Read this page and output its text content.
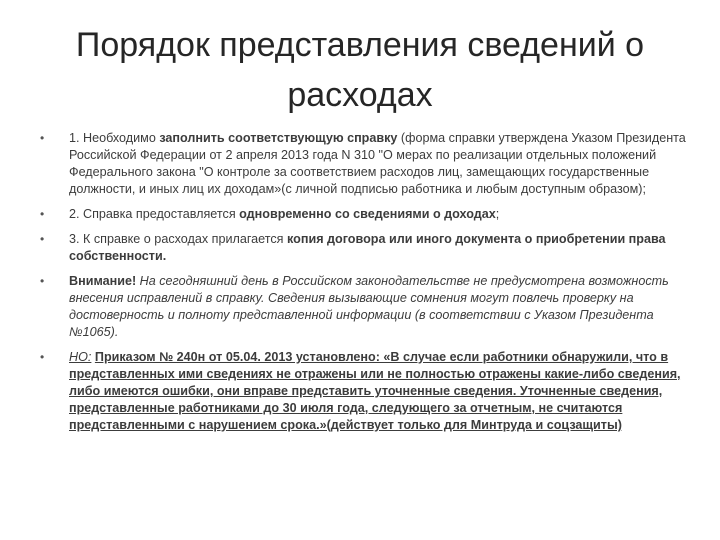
Порядок представления сведений о расходах
• 1. Необходимо заполнить соответствующую справку (форма справки утверждена Указом Президента Российской Федерации от 2 апреля 2013 года N 310 "О мерах по реализации отдельных положений Федерального закона "О контроле за соответствием расходов лиц, замещающих государственные должности, и иных лиц их доходам»(с личной подписью работника и любым доступным образом);
• 2. Справка предоставляется одновременно со сведениями о доходах;
• 3. К справке о расходах прилагается копия договора или иного документа о приобретении права собственности.
• Внимание! На сегодняшний день в Российском законодательстве не предусмотрена возможность внесения исправлений в справку. Сведения вызывающие сомнения могут повлечь проверку на достоверность и полноту представленной информации (в соответствии с Указом Президента №1065).
• НО: Приказом № 240н от 05.04. 2013 установлено: «В случае если работники обнаружили, что в представленных ими сведениях не отражены или не полностью отражены какие-либо сведения, либо имеются ошибки, они вправе представить уточненные сведения. Уточненные сведения, представленные работниками до 30 июля года, следующего за отчетным, не считаются представленными с нарушением срока.»(действует только для Минтруда и соцзащиты)
